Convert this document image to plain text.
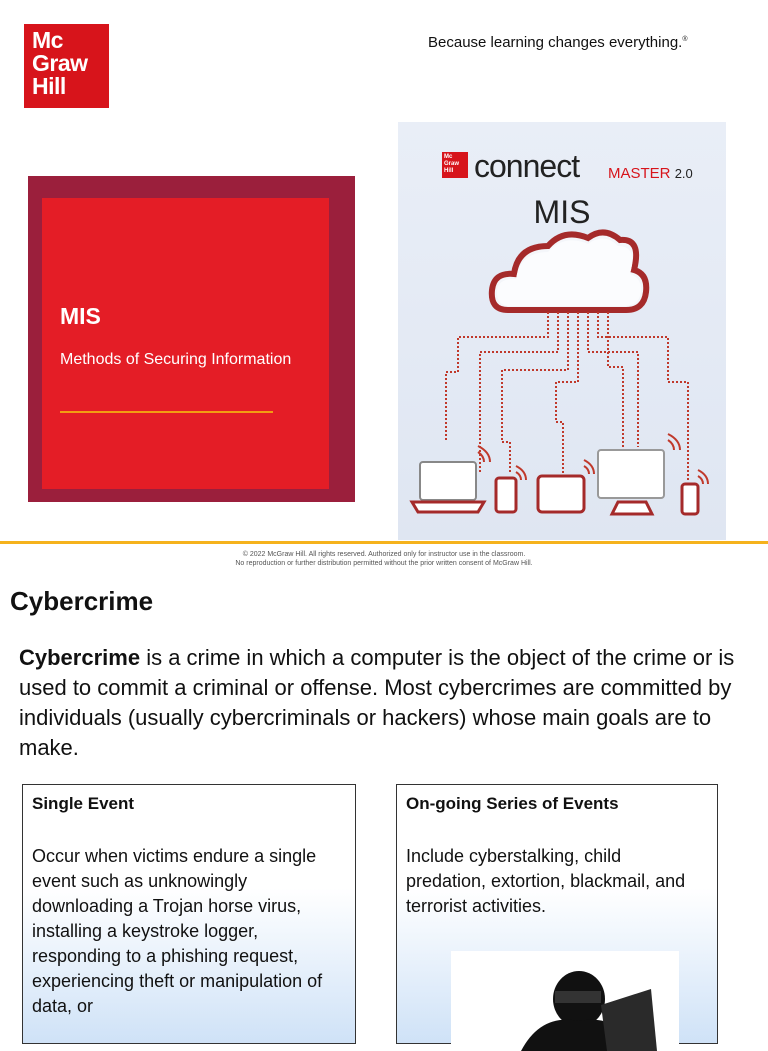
Mc
Graw
Hill
Because learning changes everything.®
MIS
Methods of Securing Information
Mc
Graw
Hill connect MASTER 2.0
MIS
© 2022 McGraw Hill. All rights reserved. Authorized only for instructor use in the classroom.
No reproduction or further distribution permitted without the prior written consent of McGraw Hill.
Cybercrime
Cybercrime is a crime in which a computer is the object of the crime or is used to commit a criminal or offense. Most cybercrimes are committed by individuals (usually cybercriminals or hackers) whose main goals are to make.
Single Event
Occur when victims endure a single event such as unknowingly downloading a Trojan horse virus, installing a keystroke logger, responding to a phishing request, experiencing theft or manipulation of data, or
On-going Series of Events
Include cyberstalking, child predation, extortion, blackmail, and terrorist activities.
